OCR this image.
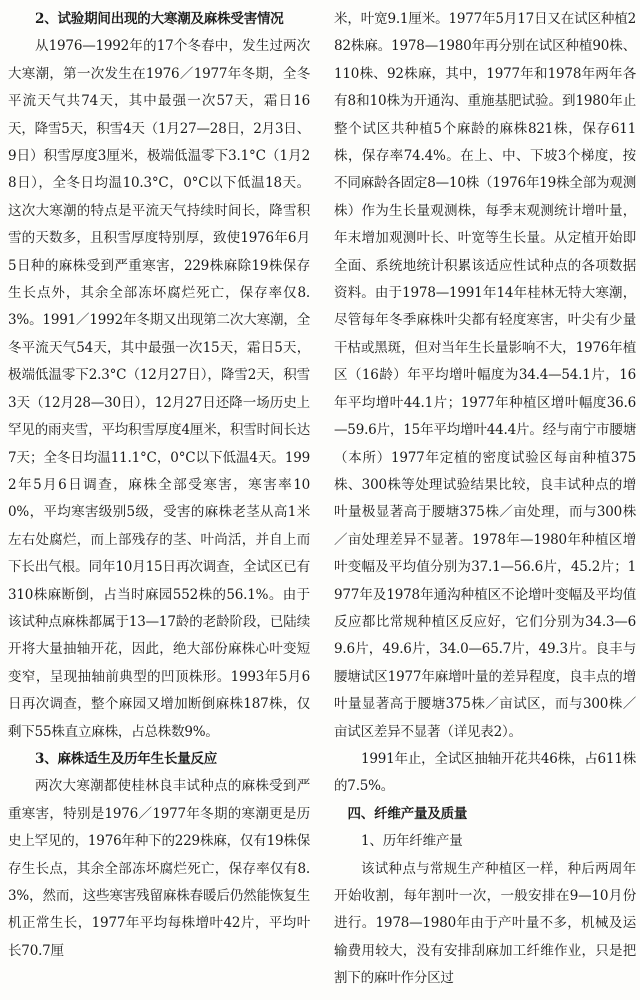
2、试验期间出现的大寒潮及麻株受害情况

从1976—1992年的17个冬春中，发生过两次大寒潮，第一次发生在1976／1977年冬期，全冬平流天气共74天，其中最强一次57天，霜日16天，降雪5天，积雪4天（1月27—28日，2月3日、9日）积雪厚度3厘米，极端低温零下3.1°C（1月28日），全冬日均温10.3°C，0°C以下低温18天。这次大寒潮的特点是平流天气持续时间长，降雪积雪的天数多，且积雪厚度特别厚，致使1976年6月5日种的麻株受到严重寒害，229株麻除19株保存生长点外，其余全部冻坏腐烂死亡，保存率仅8.3%。1991／1992年冬期又出现第二次大寒潮，全冬平流天气54天，其中最强一次15天，霜日5天，极端低温零下2.3°C（12月27日），降雪2天，积雪3天（12月28—30日），12月27日还降一场历史上罕见的雨夹雪，平均积雪厚度4厘米，积雪时间长达7天；全冬日均温11.1°C，0°C以下低温4天。1992年5月6日调查，麻株全部受寒害，寒害率100%，平均寒害级别5级，受害的麻株老茎从高1米左右处腐烂，而上部残存的茎、叶尚活，并自上而下长出气根。同年10月15日再次调查，全试区已有310株麻断倒，占当时麻园552株的56.1%。由于该试种点麻株都属于13—17龄的老龄阶段，已陆续开将大量抽轴开花，因此，绝大部份麻株心叶变短变窄，呈现抽轴前典型的凹顶株形。1993年5月6日再次调查，整个麻园又增加断倒麻株187株，仅剩下55株直立麻株，占总株数9%。

3、麻株适生及历年生长量反应

两次大寒潮都使桂林良丰试种点的麻株受到严重寒害，特别是1976／1977年冬期的寒潮更是历史上罕见的，1976年种下的229株麻，仅有19株保存生长点，其余全部冻坏腐烂死亡，保存率仅有8.3%，然而，这些寒害残留麻株春暖后仍然能恢复生机正常生长，1977年平均每株增叶42片，平均叶长70.7厘

米，叶宽9.1厘米。1977年5月17日又在试区种植282株麻。1978—1980年再分别在试区种植90株、110株、92株麻，其中，1977年和1978年两年各有8和10株为开通沟、重施基肥试验。到1980年止整个试区共种植5个麻龄的麻株821株，保存611株，保存率74.4%。在上、中、下坡3个梯度，按不同麻龄各固定8—10株（1976年19株全部为观测株）作为生长量观测株，每季末观测统计增叶量，年末增加观测叶长、叶宽等生长量。从定植开始即全面、系统地统计积累该适应性试种点的各项数据资料。由于1978—1991年14年桂林无特大寒潮，尽管每年冬季麻株叶尖都有轻度寒害，叶尖有少量干枯或黑斑，但对当年生长量影响不大，1976年植区（16龄）年平均增叶幅度为34.4—54.1片，16年平均增叶44.1片；1977年种植区增叶幅度36.6—59.6片，15年平均增叶44.4片。经与南宁市腰塘（本所）1977年定植的密度试验区每亩种植375株、300株等处理试验结果比较，良丰试种点的增叶量极显著高于腰塘375株／亩处理，而与300株／亩处理差异不显著。1978年—1980年种植区增叶变幅及平均值分别为37.1—56.6片，45.2片；1977年及1978年通沟种植区不论增叶变幅及平均值反应都比常规种植区反应好，它们分别为34.3—69.6片，49.6片，34.0—65.7片，49.3片。良丰与腰塘试区1977年麻增叶量的差异程度，良丰点的增叶量显著高于腰塘375株／亩试区，而与300株／亩试区差异不显著（详见表2）。

1991年止，全试区抽轴开花共46株，占611株的7.5%。

四、纤维产量及质量

1、历年纤维产量

该试种点与常规生产种植区一样，种后两周年开始收割，每年割叶一次，一般安排在9—10月份进行。1978—1980年由于产叶量不多，机械及运输费用较大，没有安排刮麻加工纤维作业，只是把割下的麻叶作分区过
